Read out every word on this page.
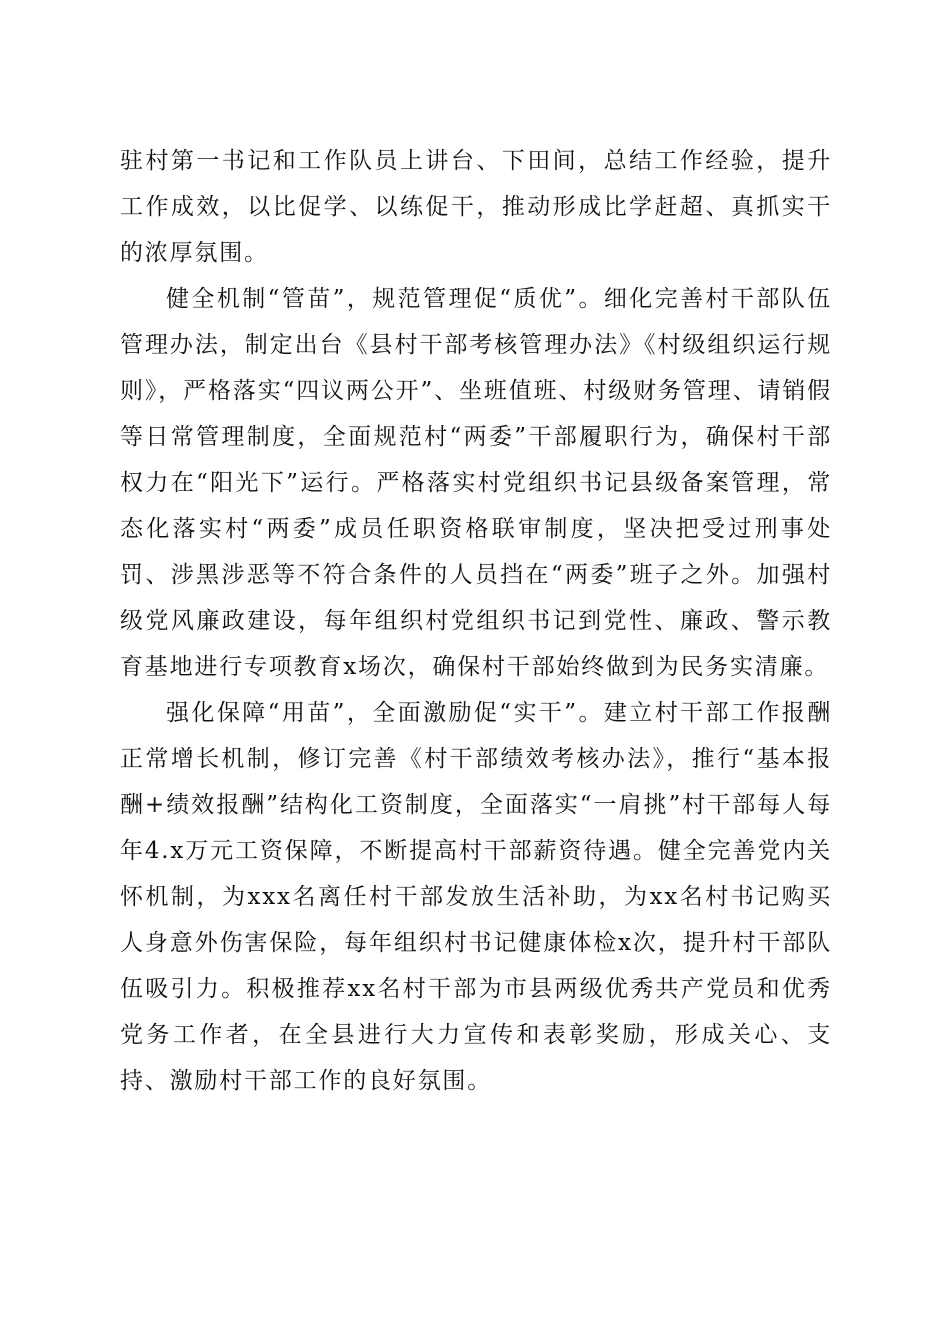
驻村第一书记和工作队员上讲台、下田间，总结工作经验，提升工作成效，以比促学、以练促干，推动形成比学赶超、真抓实干的浓厚氛围。

健全机制“管苗”，规范管理促“质优”。细化完善村干部队伍管理办法，制定出台《县村干部考核管理办法》《村级组织运行规则》，严格落实“四议两公开”、坐班值班、村级财务管理、请销假等日常管理制度，全面规范村“两委”干部履职行为，确保村干部权力在“阳光下”运行。严格落实村党组织书记县级备案管理，常态化落实村“两委”成员任职资格联审制度，坚决把受过刑事处罚、涉黑涉恶等不符合条件的人员挡在“两委”班子之外。加强村级党风廉政建设，每年组织村党组织书记到党性、廉政、警示教育基地进行专项教育x场次，确保村干部始终做到为民务实清廉。

强化保障“用苗”，全面激励促“实干”。建立村干部工作报酬正常增长机制，修订完善《村干部绩效考核办法》，推行“基本报酬+绩效报酬”结构化工资制度，全面落实“一肩挑”村干部每人每年4.x万元工资保障，不断提高村干部薪资待遇。健全完善党内关怀机制，为xxx名离任村干部发放生活补助，为xx名村书记购买人身意外伤害保险，每年组织村书记健康体检x次，提升村干部队伍吸引力。积极推荐xx名村干部为市县两级优秀共产党员和优秀党务工作者，在全县进行大力宣传和表彰奖励，形成关心、支持、激励村干部工作的良好氛围。
